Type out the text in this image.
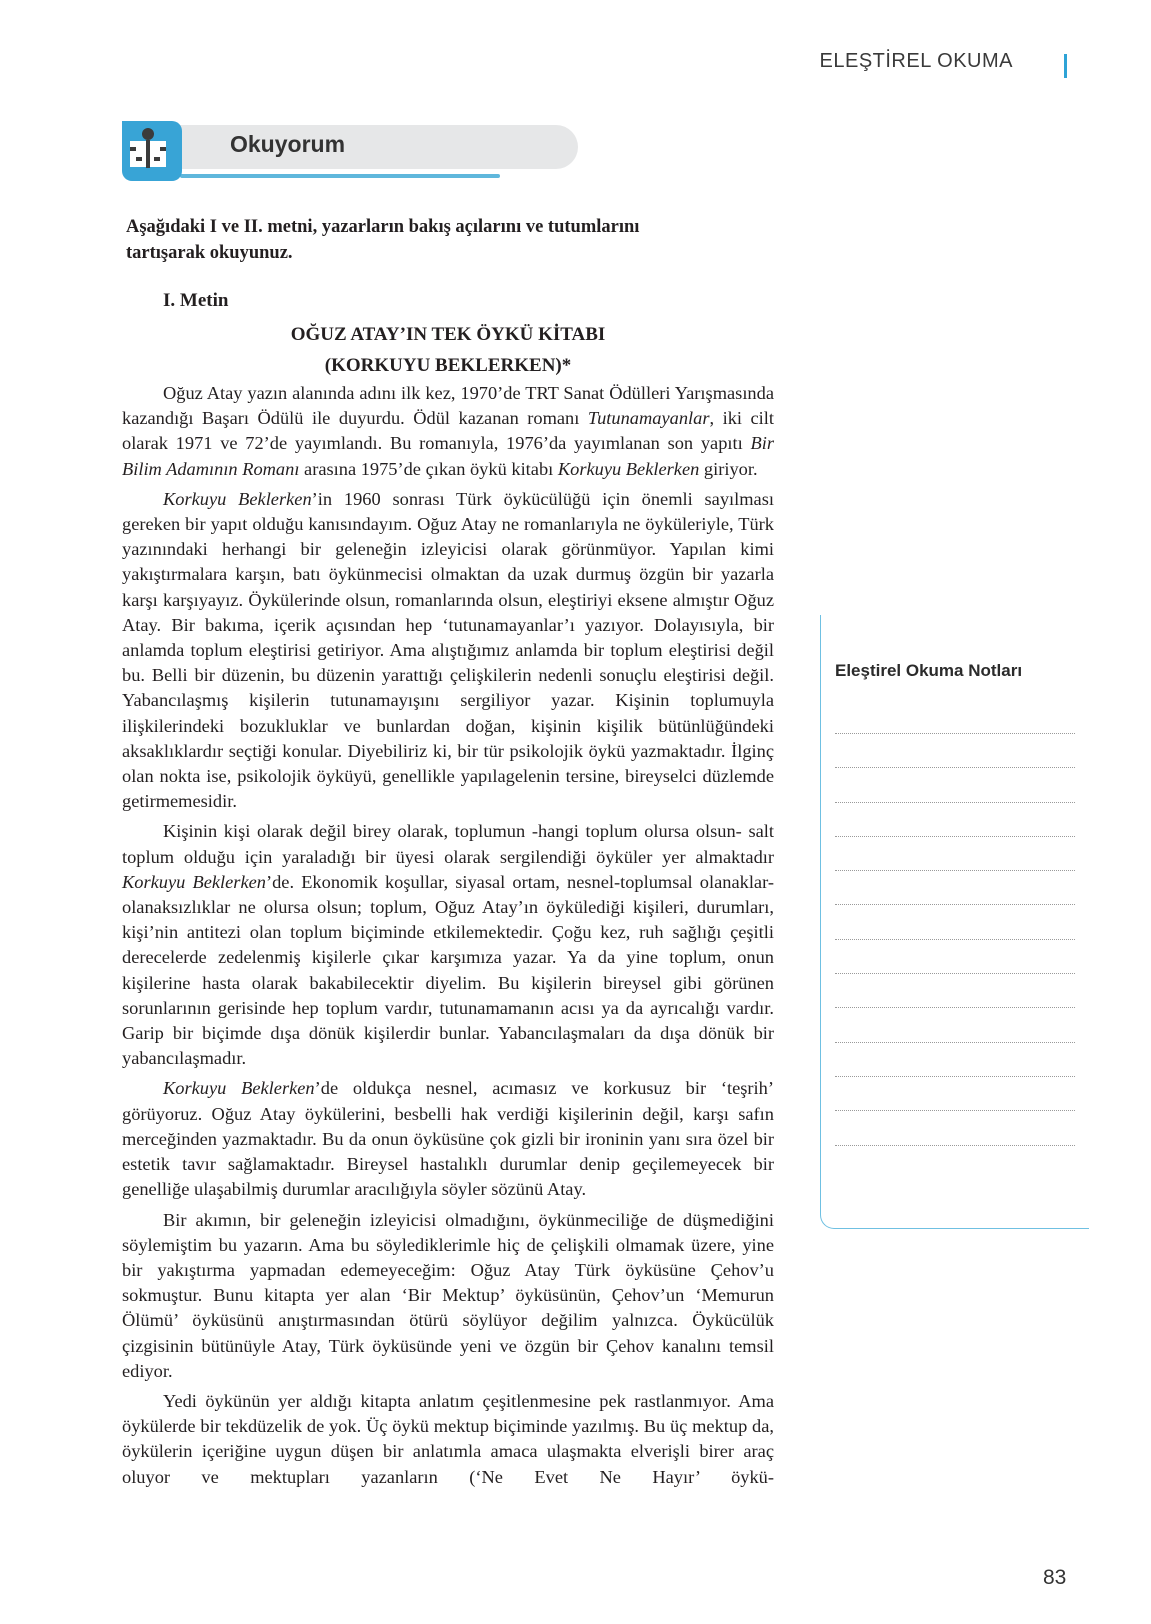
ELEŞTİREL OKUMA
Okuyorum
Aşağıdaki I ve II. metni, yazarların bakış açılarını ve tutumlarını tartışarak okuyunuz.
I. Metin
OĞUZ ATAY’IN TEK ÖYKÜ KİTABI
(KORKUYU BEKLERKEN)*

Oğuz Atay yazın alanında adını ilk kez, 1970’de TRT Sanat Ödülleri Yarışmasında kazandığı Başarı Ödülü ile duyurdu. Ödül kazanan romanı Tutunamayanlar, iki cilt olarak 1971 ve 72’de yayımlandı. Bu romanıyla, 1976’da yayımlanan son yapıtı Bir Bilim Adamının Romanı arasına 1975’de çıkan öykü kitabı Korkuyu Beklerken giriyor.

Korkuyu Beklerken’in 1960 sonrası Türk öykücülüğü için önemli sayılması gereken bir yapıt olduğu kanısındayım. Oğuz Atay ne romanlarıyla ne öyküleriyle, Türk yazınındaki herhangi bir geleneğin izleyicisi olarak görünmüyor. Yapılan kimi yakıştırmalara karşın, batı öykünmecisi olmaktan da uzak durmuş özgün bir yazarla karşı karşıyayız. Öykülerinde olsun, romanlarında olsun, eleştiriyi eksene almıştır Oğuz Atay. Bir bakıma, içerik açısından hep ‘tutunamayanlar’ı yazıyor. Dolayısıyla, bir anlamda toplum eleştirisi getiriyor. Ama alıştığımız anlamda bir toplum eleştirisi değil bu. Belli bir düzenin, bu düzenin yarattığı çelişkilerin nedenli sonuçlu eleştirisi değil. Yabancılaşmış kişilerin tutunamayışını sergiliyor yazar. Kişinin toplumuyla ilişkilerindeki bozukluklar ve bunlardan doğan, kişinin kişilik bütünlüğündeki aksaklıklardır seçtiği konular. Diyebiliriz ki, bir tür psikolojik öykü yazmaktadır. İlginç olan nokta ise, psikolojik öyküyü, genellikle yapılagelenin tersine, bireyselci düzlemde getirmemesidir.

Kişinin kişi olarak değil birey olarak, toplumun -hangi toplum olursa olsun- salt toplum olduğu için yaraladığı bir üyesi olarak sergilendiği öyküler yer almaktadır Korkuyu Beklerken’de. Ekonomik koşullar, siyasal ortam, nesnel-toplumsal olanaklar-olanaksızlıklar ne olursa olsun; toplum, Oğuz Atay’ın öykülediği kişileri, durumları, kişi’nin antitezi olan toplum biçiminde etkilemektedir. Çoğu kez, ruh sağlığı çeşitli derecelerde zedelenmiş kişilerle çıkar karşımıza yazar. Ya da yine toplum, onun kişilerine hasta olarak bakabilecektir diyelim. Bu kişilerin bireysel gibi görünen sorunlarının gerisinde hep toplum vardır, tutunamamanın acısı ya da ayrıcalığı vardır. Garip bir biçimde dışa dönük kişilerdir bunlar. Yabancılaşmaları da dışa dönük bir yabancılaşmadır.

Korkuyu Beklerken’de oldukça nesnel, acımasız ve korkusuz bir ‘teşrih’ görüyoruz. Oğuz Atay öykülerini, besbelli hak verdiği kişilerinin değil, karşı safın merceğinden yazmaktadır. Bu da onun öyküsüne çok gizli bir ironinin yanı sıra özel bir estetik tavır sağlamaktadır. Bireysel hastalıklı durumlar denip geçilemeyecek bir genelliğe ulaşabilmiş durumlar aracılığıyla söyler sözünü Atay.

Bir akımın, bir geleneğin izleyicisi olmadığını, öykünmeciliğe de düşmediğini söylemiştim bu yazarın. Ama bu söylediklerimle hiç de çelişkili olmamak üzere, yine bir yakıştırma yapmadan edemeyeceğim: Oğuz Atay Türk öyküsüne Çehov’u sokmuştur. Bunu kitapta yer alan ‘Bir Mektup’ öyküsünün, Çehov’un ‘Memurun Ölümü’ öyküsünü anıştırmasından ötürü söylüyor değilim yalnızca. Öykücülük çizgisinin bütünüyle Atay, Türk öyküsünde yeni ve özgün bir Çehov kanalını temsil ediyor.

Yedi öykünün yer aldığı kitapta anlatım çeşitlenmesine pek rastlanmıyor. Ama öykülerde bir tekdüzelik de yok. Üç öykü mektup biçiminde yazılmış. Bu üç mektup da, öykülerin içeriğine uygun düşen bir anlatımla amaca ulaşmakta elverişli birer araç oluyor ve mektupları yazanların (‘Ne Evet Ne Hayır’ öykü-

Eleştirel Okuma Notları
83
